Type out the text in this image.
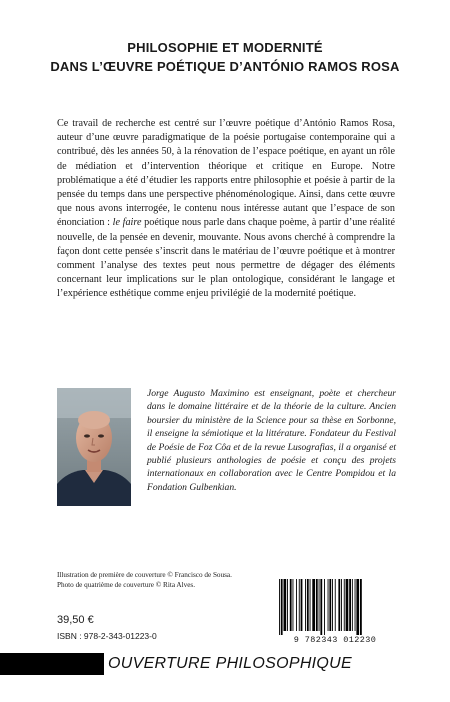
PHILOSOPHIE ET MODERNITÉ
DANS L’ŒUVRE POÉTIQUE D’ANTÓNIO RAMOS ROSA

Ce travail de recherche est centré sur l’œuvre poétique d’António Ramos Rosa, auteur d’une œuvre paradigmatique de la poésie portugaise contemporaine qui a contribué, dès les années 50, à la rénovation de l’espace poétique, en ayant un rôle de médiation et d’intervention théorique et critique en Europe. Notre problématique a été d’étudier les rapports entre philosophie et poésie à partir de la pensée du temps dans une perspective phénoménologique. Ainsi, dans cette œuvre que nous avons interrogée, le contenu nous intéresse autant que l’espace de son énonciation : le faire poétique nous parle dans chaque poème, à partir d’une réalité nouvelle, de la pensée en devenir, mouvante. Nous avons cherché à comprendre la façon dont cette pensée s’inscrit dans le matériau de l’œuvre poétique et à montrer comment l’analyse des textes peut nous permettre de dégager des éléments concernant leur implications sur le plan ontologique, considérant le langage et l’expérience esthétique comme enjeu privilégié de la modernité poétique.

Jorge Augusto Maximino est enseignant, poète et chercheur dans le domaine littéraire et de la théorie de la culture. Ancien boursier du ministère de la Science pour sa thèse en Sorbonne, il enseigne la sémiotique et la littérature. Fondateur du Festival de Poésie de Foz Côa et de la revue Lusografias, il a organisé et publié plusieurs anthologies de poésie et conçu des projets internationaux en collaboration avec le Centre Pompidou et la Fondation Gulbenkian.

Illustration de première de couverture © Francisco de Sousa.
Photo de quatrième de couverture © Rita Alves.
39,50 €
ISBN : 978-2-343-01223-0	9 782343 012230
OUVERTURE PHILOSOPHIQUE
